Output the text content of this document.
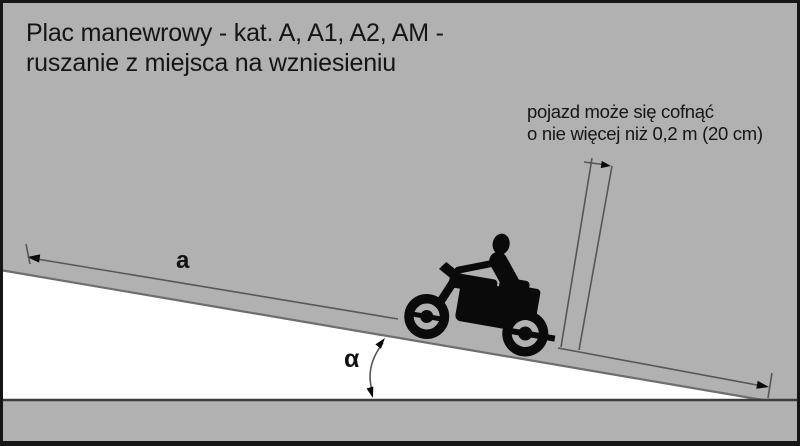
Plac manewrowy - kat. A, A1, A2, AM -
ruszanie z miejsca na wzniesieniu
pojazd może się cofnąć
o nie więcej niż 0,2 m (20 cm)
a
α
